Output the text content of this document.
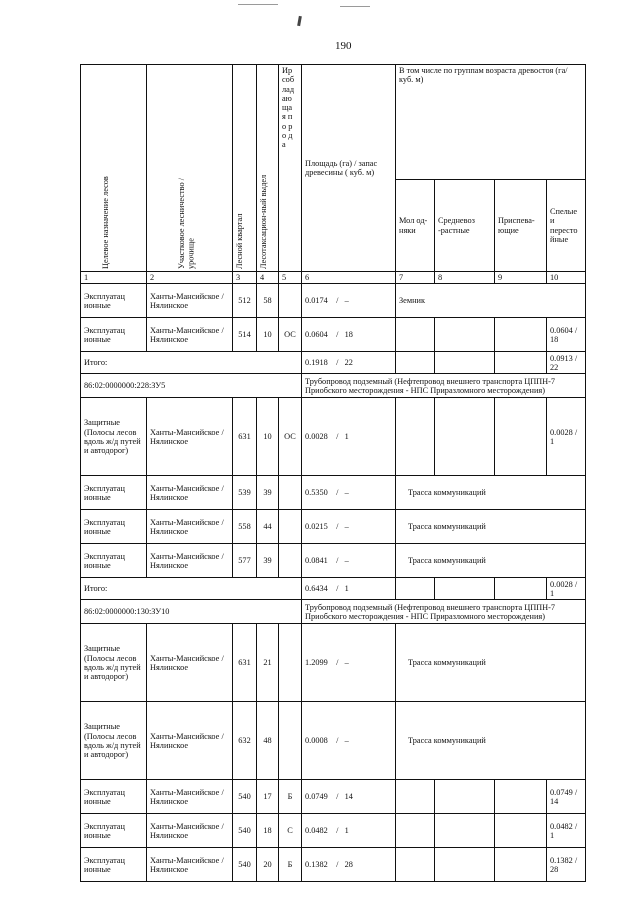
190
Целевое назначение лесов	Участковое лесничество / урочище	Лесной квартал	Лесотаксацион-ный выдел	Ир соб лад аю ща я по ро да	Площадь (га) / запас древесины ( куб. м)	В том числе по группам возраста древостоя (га/ куб. м)			
						Мол од-няки	Средневоз -растные	Приспева- ющие	Спелые и пересто йные
1	2	3	4	5	6	7	8	9	10
Эксплуатац ионные	Ханты-Мансийское / Нялинское	512	58		0.0174    /   –	Земник			
Эксплуатац ионные	Ханты-Мансийское / Нялинское	514	10	ОС	0.0604    /   18				0.0604 / 18
Итого:					0.1918    /   22				0.0913 / 22
86:02:0000000:228:ЗУ5					Трубопровод подземный (Нефтепровод внешнего транспорта ЦППН-7 Приобского месторождения - НПС Приразломного месторождения)				
Защитные (Полосы лесов вдоль ж/д путей и автодорог)	Ханты-Мансийское / Нялинское	631	10	ОС	0.0028    /   1				0.0028 / 1
Эксплуатац ионные	Ханты-Мансийское / Нялинское	539	39		0.5350    /   –	Трасса коммуникаций			
Эксплуатац ионные	Ханты-Мансийское / Нялинское	558	44		0.0215    /   –	Трасса коммуникаций			
Эксплуатац ионные	Ханты-Мансийское / Нялинское	577	39		0.0841    /   –	Трасса коммуникаций			
Итого:					0.6434    /   1				0.0028 / 1
86:02:0000000:130:ЗУ10					Трубопровод подземный (Нефтепровод внешнего транспорта ЦППН-7 Приобского месторождения - НПС Приразломного месторождения)				
Защитные (Полосы лесов вдоль ж/д путей и автодорог)	Ханты-Мансийское / Нялинское	631	21		1.2099    /   –	Трасса коммуникаций			
Защитные (Полосы лесов вдоль ж/д путей и автодорог)	Ханты-Мансийское / Нялинское	632	48		0.0008    /   –	Трасса коммуникаций			
Эксплуатац ионные	Ханты-Мансийское / Нялинское	540	17	Б	0.0749    /   14				0.0749 / 14
Эксплуатац ионные	Ханты-Мансийское / Нялинское	540	18	С	0.0482    /   1				0.0482 / 1
Эксплуатац ионные	Ханты-Мансийское / Нялинское	540	20	Б	0.1382    /   28				0.1382 / 28
